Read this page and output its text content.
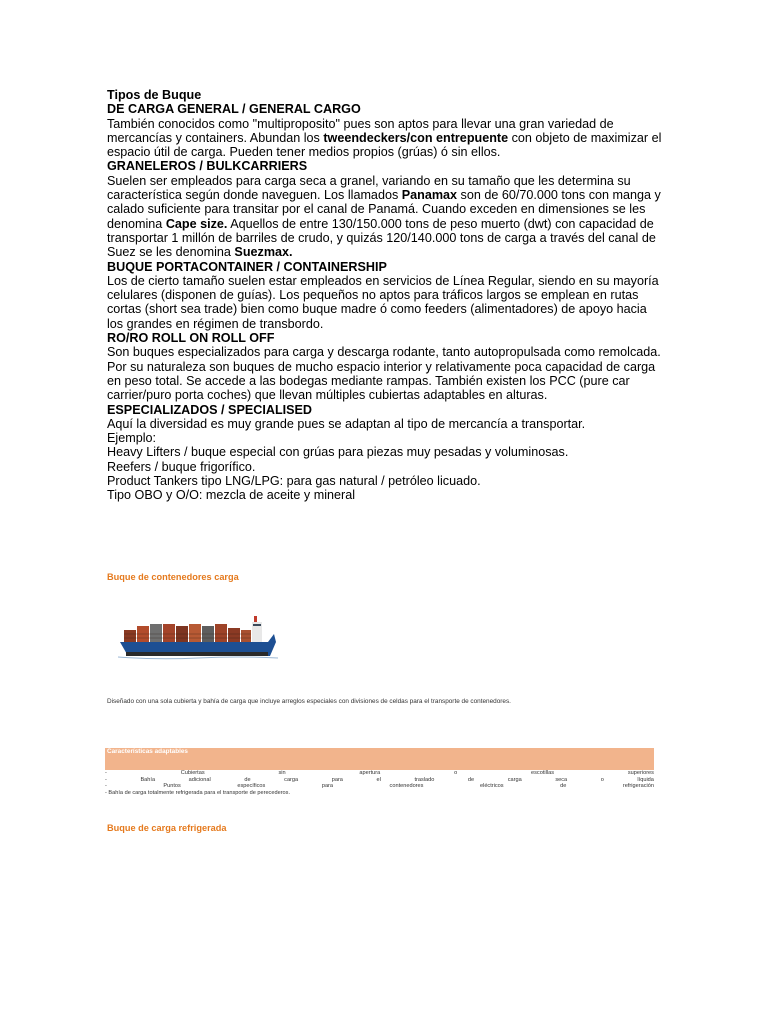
Tipos de Buque

DE CARGA GENERAL / GENERAL CARGO

También conocidos como "multiproposito" pues son aptos para llevar una gran variedad de mercancías y containers. Abundan los tweendeckers/con entrepuente con objeto de maximizar el espacio útil de carga. Pueden tener medios propios (grúas) ó sin ellos.

GRANELEROS / BULKCARRIERS

Suelen ser empleados para carga seca a granel, variando en su tamaño que les determina su característica según donde naveguen. Los llamados Panamax son de 60/70.000 tons con manga y calado suficiente para transitar por el canal de Panamá. Cuando exceden en dimensiones se les denomina Cape size. Aquellos de entre 130/150.000 tons de peso muerto (dwt) con capacidad de transportar 1 millón de barriles de crudo, y quizás 120/140.000 tons de carga a través del canal de Suez se les denomina Suezmax.

BUQUE PORTACONTAINER / CONTAINERSHIP

Los de cierto tamaño suelen estar empleados en servicios de Línea Regular, siendo en su mayoría celulares (disponen de guías). Los pequeños no aptos para tráficos largos se emplean en rutas cortas (short sea trade) bien como buque madre ó como feeders (alimentadores) de apoyo hacia los grandes en régimen de transbordo.

RO/RO ROLL ON ROLL OFF

Son buques especializados para carga y descarga rodante, tanto autopropulsada como remolcada. Por su naturaleza son buques de mucho espacio interior y relativamente poca capacidad de carga en peso total. Se accede a las bodegas mediante rampas. También existen los PCC (pure car carrier/puro porta coches) que llevan múltiples cubiertas adaptables en alturas.

ESPECIALIZADOS / SPECIALISED

Aquí la diversidad es muy grande pues se adaptan al tipo de mercancía a transportar.

Ejemplo:

Heavy Lifters / buque especial con grúas para piezas muy pesadas y voluminosas.

Reefers / buque frigorífico.

Product Tankers tipo LNG/LPG: para gas natural / petróleo licuado.

Tipo OBO y O/O: mezcla de aceite y mineral

Buque de contenedores carga
Diseñado con una sola cubierta y bahía de carga que incluye arreglos especiales con divisiones de celdas para el transporte de contenedores.
Características adaptables
-	Cubiertas	sin	apertura	o	escotillas	superiores
-	Bahía	adicional	de	carga	para	el	traslado	de	carga	seca	o	líquida
-	Puntos	específicos	para	contenedores	eléctricos	de	refrigeración
- Bahía de carga totalmente refrigerada para el transporte de perecederos.
Buque de carga refrigerada
